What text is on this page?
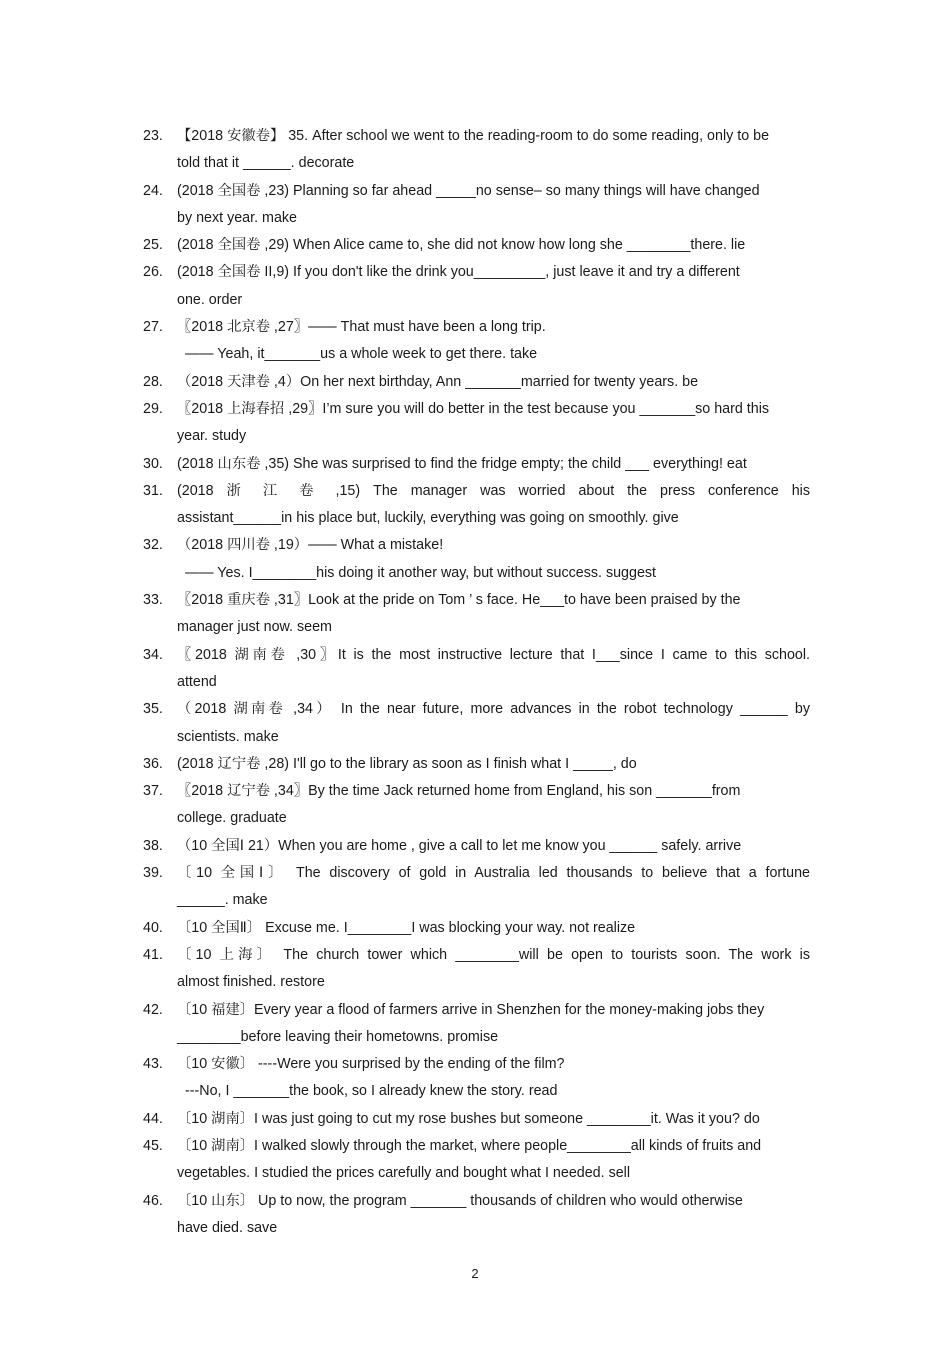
23. 【2018 安徽卷】 35. After school we went to the reading-room to do some reading, only to be
told that it ______. decorate
24. (2018 全国卷 ,23) Planning so far ahead _____no sense– so many things will have changed
by next year. make
25. (2018 全国卷 ,29) When Alice came to, she did not know how long she ________there. lie
26. (2018 全国卷 II,9) If you don't like the drink you_________, just leave it and try a different
one. order
27. 〖2018 北京卷 ,27〗—— That must have been a long trip.
—— Yeah, it_______us a whole week to get there. take
28. （2018 天津卷 ,4）On her next birthday, Ann _______married for twenty years. be
29. 〖2018 上海春招 ,29〗I’m sure you will do better in the test because you _______so hard this
year. study
30. (2018 山东卷 ,35) She was surprised to find the fridge empty; the child ___ everything! eat
31. (2018 浙 江 卷 ,15) The manager was worried about the press conference his
assistant______in his place but, luckily, everything was going on smoothly. give
32. （2018 四川卷 ,19）—— What a mistake!
—— Yes. I________his doing it another way, but without success. suggest
33. 〖2018 重庆卷 ,31〗Look at the pride on Tom ’ s face. He___to have been praised by the
manager just now. seem
34. 〖2018 湖南卷 ,30〗It is the most instructive lecture that I___since I came to this school.
attend
35. （2018 湖南卷 ,34） In the near future, more advances in the robot technology ______ by
scientists. make
36. (2018 辽宁卷 ,28) I'll go to the library as soon as I finish what I _____, do
37. 〖2018 辽宁卷 ,34〗By the time Jack returned home from England, his son _______from
college. graduate
38. （10 全国Ⅰ 21）When you are home , give a call to let me know you ______ safely. arrive
39. 〔10 全国Ⅰ〕 The discovery of gold in Australia led thousands to believe that a fortune
______. make
40. 〔10 全国Ⅱ〕 Excuse me. I________I was blocking your way. not realize
41. 〔10 上海〕 The church tower which ________will be open to tourists soon. The work is
almost finished. restore
42. 〔10 福建〕Every year a flood of farmers arrive in Shenzhen for the money-making jobs they
________before leaving their hometowns. promise
43. 〔10 安徽〕 ----Were you surprised by the ending of the film?
---No, I _______the book, so I already knew the story. read
44. 〔10 湖南〕I was just going to cut my rose bushes but someone ________it. Was it you? do
45. 〔10 湖南〕I walked slowly through the market, where people________all kinds of fruits and
vegetables. I studied the prices carefully and bought what I needed. sell
46. 〔10 山东〕 Up to now, the program _______ thousands of children who would otherwise
have died. save
2
